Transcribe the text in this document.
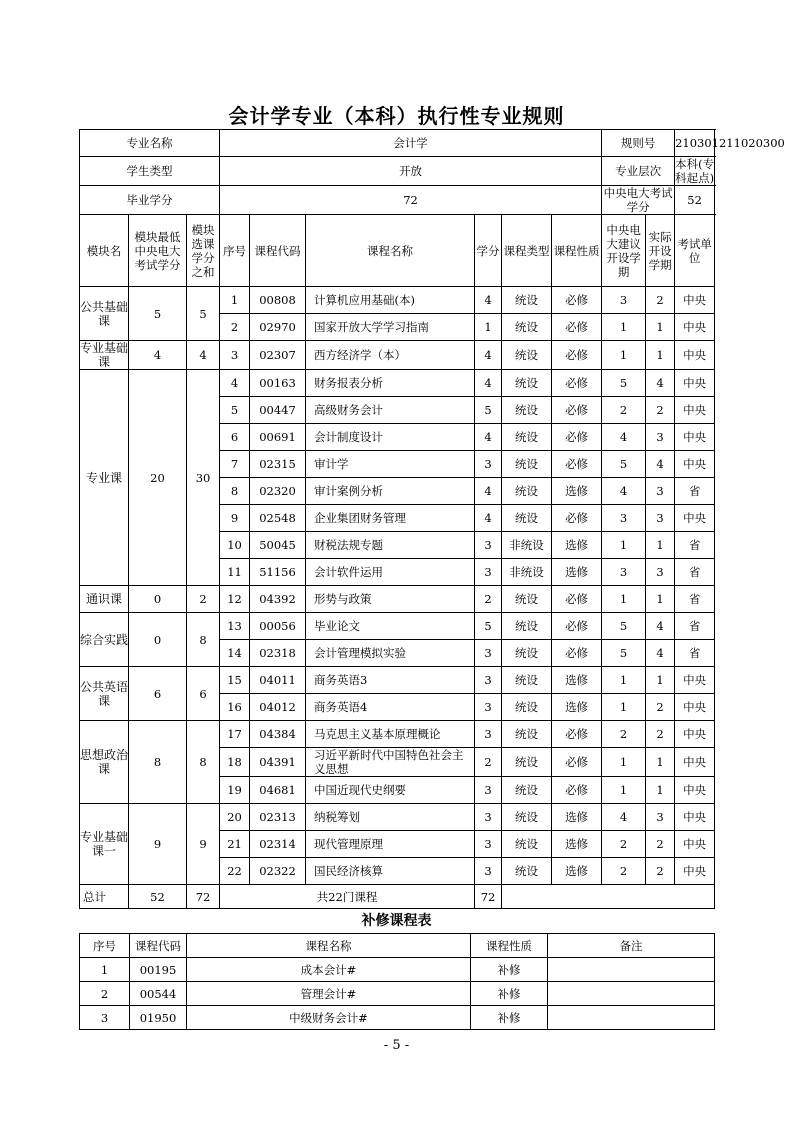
会计学专业（本科）执行性专业规则
专业名称			会计学						规则号		210301211020300
学生类型			开放						专业层次		本科(专科起点)
毕业学分			72						中央电大考试学分		52
模块名	模块最低中央电大考试学分	模块选课学分之和	序号	课程代码	课程名称	学分	课程类型	课程性质	中央电大建议开设学期	实际开设学期	考试单位
公共基础课	5	5	1	00808	计算机应用基础(本)	4	统设	必修	3	2	中央
			2	02970	国家开放大学学习指南	1	统设	必修	1	1	中央
专业基础课	4	4	3	02307	西方经济学（本）	4	统设	必修	1	1	中央
专业课	20	30	4	00163	财务报表分析	4	统设	必修	5	4	中央
			5	00447	高级财务会计	5	统设	必修	2	2	中央
			6	00691	会计制度设计	4	统设	必修	4	3	中央
			7	02315	审计学	3	统设	必修	5	4	中央
			8	02320	审计案例分析	4	统设	选修	4	3	省
			9	02548	企业集团财务管理	4	统设	必修	3	3	中央
			10	50045	财税法规专题	3	非统设	选修	1	1	省
			11	51156	会计软件运用	3	非统设	选修	3	3	省
通识课	0	2	12	04392	形势与政策	2	统设	必修	1	1	省
综合实践	0	8	13	00056	毕业论文	5	统设	必修	5	4	省
			14	02318	会计管理模拟实验	3	统设	必修	5	4	省
公共英语课	6	6	15	04011	商务英语3	3	统设	选修	1	1	中央
			16	04012	商务英语4	3	统设	选修	1	2	中央
思想政治课	8	8	17	04384	马克思主义基本原理概论	3	统设	必修	2	2	中央
			18	04391	习近平新时代中国特色社会主义思想	2	统设	必修	1	1	中央
			19	04681	中国近现代史纲要	3	统设	必修	1	1	中央
专业基础课一	9	9	20	02313	纳税筹划	3	统设	选修	4	3	中央
			21	02314	现代管理原理	3	统设	选修	2	2	中央
			22	02322	国民经济核算	3	统设	选修	2	2	中央
总计	52	72	共22门课程			72					
补修课程表
序号	课程代码	课程名称	课程性质	备注
1	00195	成本会计#	补修	
2	00544	管理会计#	补修	
3	01950	中级财务会计#	补修	
- 5 -
